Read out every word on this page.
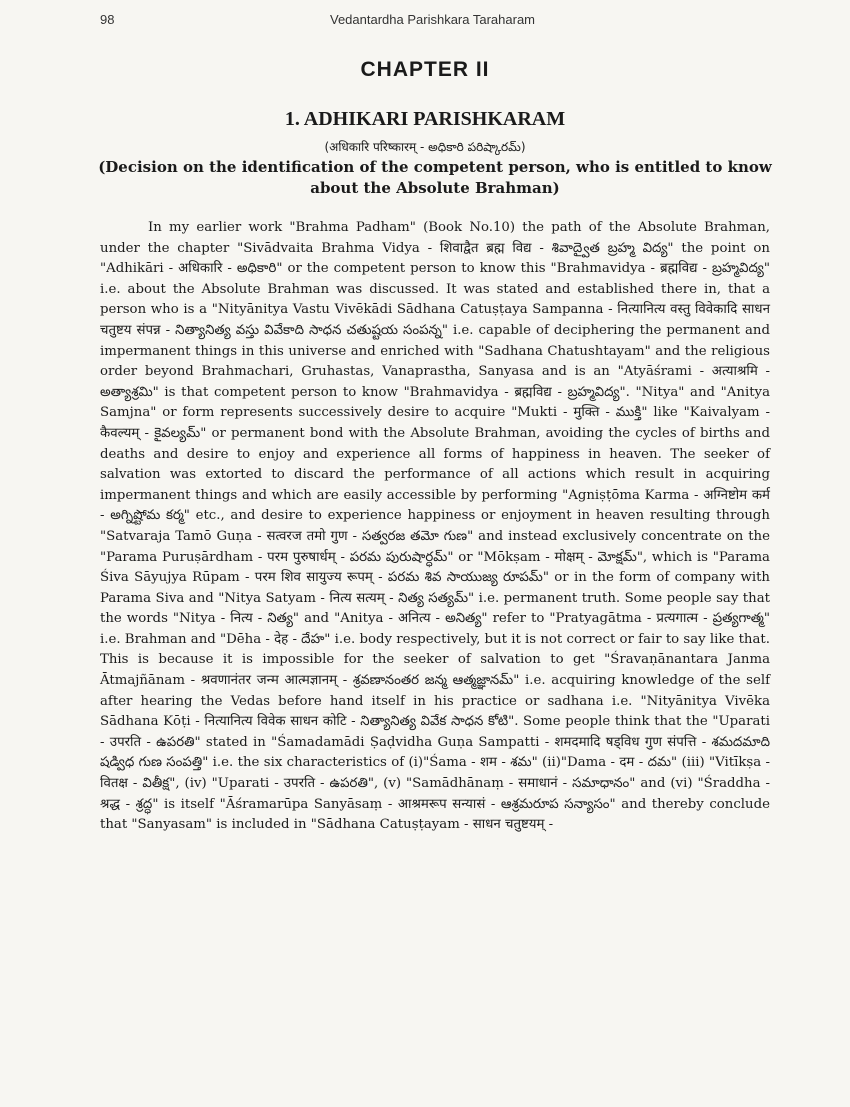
98	Vedantardha Parishkara Taraharam
CHAPTER II
1. ADHIKARI PARISHKARAM
(अधिकारि परिष्कारम् - అధికారి పరిష్కారమ్)
(Decision on the identification of the competent person, who is entitled to know about the Absolute Brahman)

In my earlier work "Brahma Padham" (Book No.10) the path of the Absolute Brahman, under the chapter "Sivādvaita Brahma Vidya - शिवाद्वैत ब्रह्म विद्य - శివాద్వైత బ్రహ్మ విద్య" the point on "Adhikāri - अधिकारि - అధికారి" or the competent person to know this "Brahmavidya - ब्रह्मविद्य - బ్రహ్మవిద్య" i.e. about the Absolute Brahman was discussed. It was stated and established there in, that a person who is a "Nityānitya Vastu Vivēkādi Sādhana Catuṣṭaya Sampanna - नित्यानित्य वस्तु विवेकादि साधन चतुष्टय संपन्न - నిత్యానిత్య వస్తు వివేకాది సాధన చతుష్టయ సంపన్న" i.e. capable of deciphering the permanent and impermanent things in this universe and enriched with "Sadhana Chatushtayam" and the religious order beyond Brahmachari, Gruhastas, Vanaprastha, Sanyasa and is an "Atyāśrami - अत्याश्रमि - అత్యాశ్రమి" is that competent person to know "Brahmavidya - ब्रह्मविद्य - బ్రహ్మవిద్య". "Nitya" and "Anitya Samjna" or form represents successively desire to acquire "Mukti - मुक्ति - ముక్తి" like "Kaivalyam - कैवल्यम् - కైవల్యమ్" or permanent bond with the Absolute Brahman, avoiding the cycles of births and deaths and desire to enjoy and experience all forms of happiness in heaven. The seeker of salvation was extorted to discard the performance of all actions which result in acquiring impermanent things and which are easily accessible by performing "Agniṣṭōma Karma - अग्निष्टोम कर्म - అగ్నిష్టోమ కర్మ" etc., and desire to experience happiness or enjoyment in heaven resulting through "Satvaraja Tamō Guṇa - सत्वरज तमो गुण - సత్వరజ తమో గుణ" and instead exclusively concentrate on the "Parama Puruṣārdham - परम पुरुषार्धम् - పరమ పురుషార్ధమ్" or "Mōkṣam - मोक्षम् - మోక్షమ్", which is "Parama Śiva Sāyujya Rūpam - परम शिव सायुज्य रूपम् - పరమ శివ సాయుజ్య రూపమ్" or in the form of company with Parama Siva and "Nitya Satyam - नित्य सत्यम् - నిత్య సత్యమ్" i.e. permanent truth. Some people say that the words "Nitya - नित्य - నిత్య" and "Anitya - अनित्य - అనిత్య" refer to "Pratyagātma - प्रत्यगात्म - ప్రత్యగాత్మ" i.e. Brahman and "Dēha - देह - దేహ" i.e. body respectively, but it is not correct or fair to say like that. This is because it is impossible for the seeker of salvation to get "Śravaṇānantara Janma Ātmajñānam - श्रवणानंतर जन्म आत्मज्ञानम् - శ్రవణానంతర జన్మ ఆత్మజ్ఞానమ్" i.e. acquiring knowledge of the self after hearing the Vedas before hand itself in his practice or sadhana i.e. "Nityānitya Vivēka Sādhana Kōṭi - नित्यानित्य विवेक साधन कोटि - నిత్యానిత్య వివేక సాధన కోటి". Some people think that the "Uparati - उपरति - ఉపరతి" stated in "Śamadamādi Ṣaḍvidha Guṇa Sampatti - शमदमादि षड्विध गुण संपत्ति - శమదమాది షడ్విధ గుణ సంపత్తి" i.e. the six characteristics of (i)"Śama - शम - శమ" (ii)"Dama - दम - దమ" (iii) "Vitīkṣa - वितक्ष - వితీక్ష", (iv) "Uparati - उपरति - ఉపరతి", (v) "Samādhānaṃ - समाधानं - సమాధానం" and (vi) "Śraddha - श्रद्ध - శ్రద్ధ" is itself "Āśramarūpa Sanyāsaṃ - आश्रमरूप सन्यासं - ఆశ్రమరూప సన్యాసం" and thereby conclude that "Sanyasam" is included in "Sādhana Catuṣṭayam - साधन चतुष्टयम् -
